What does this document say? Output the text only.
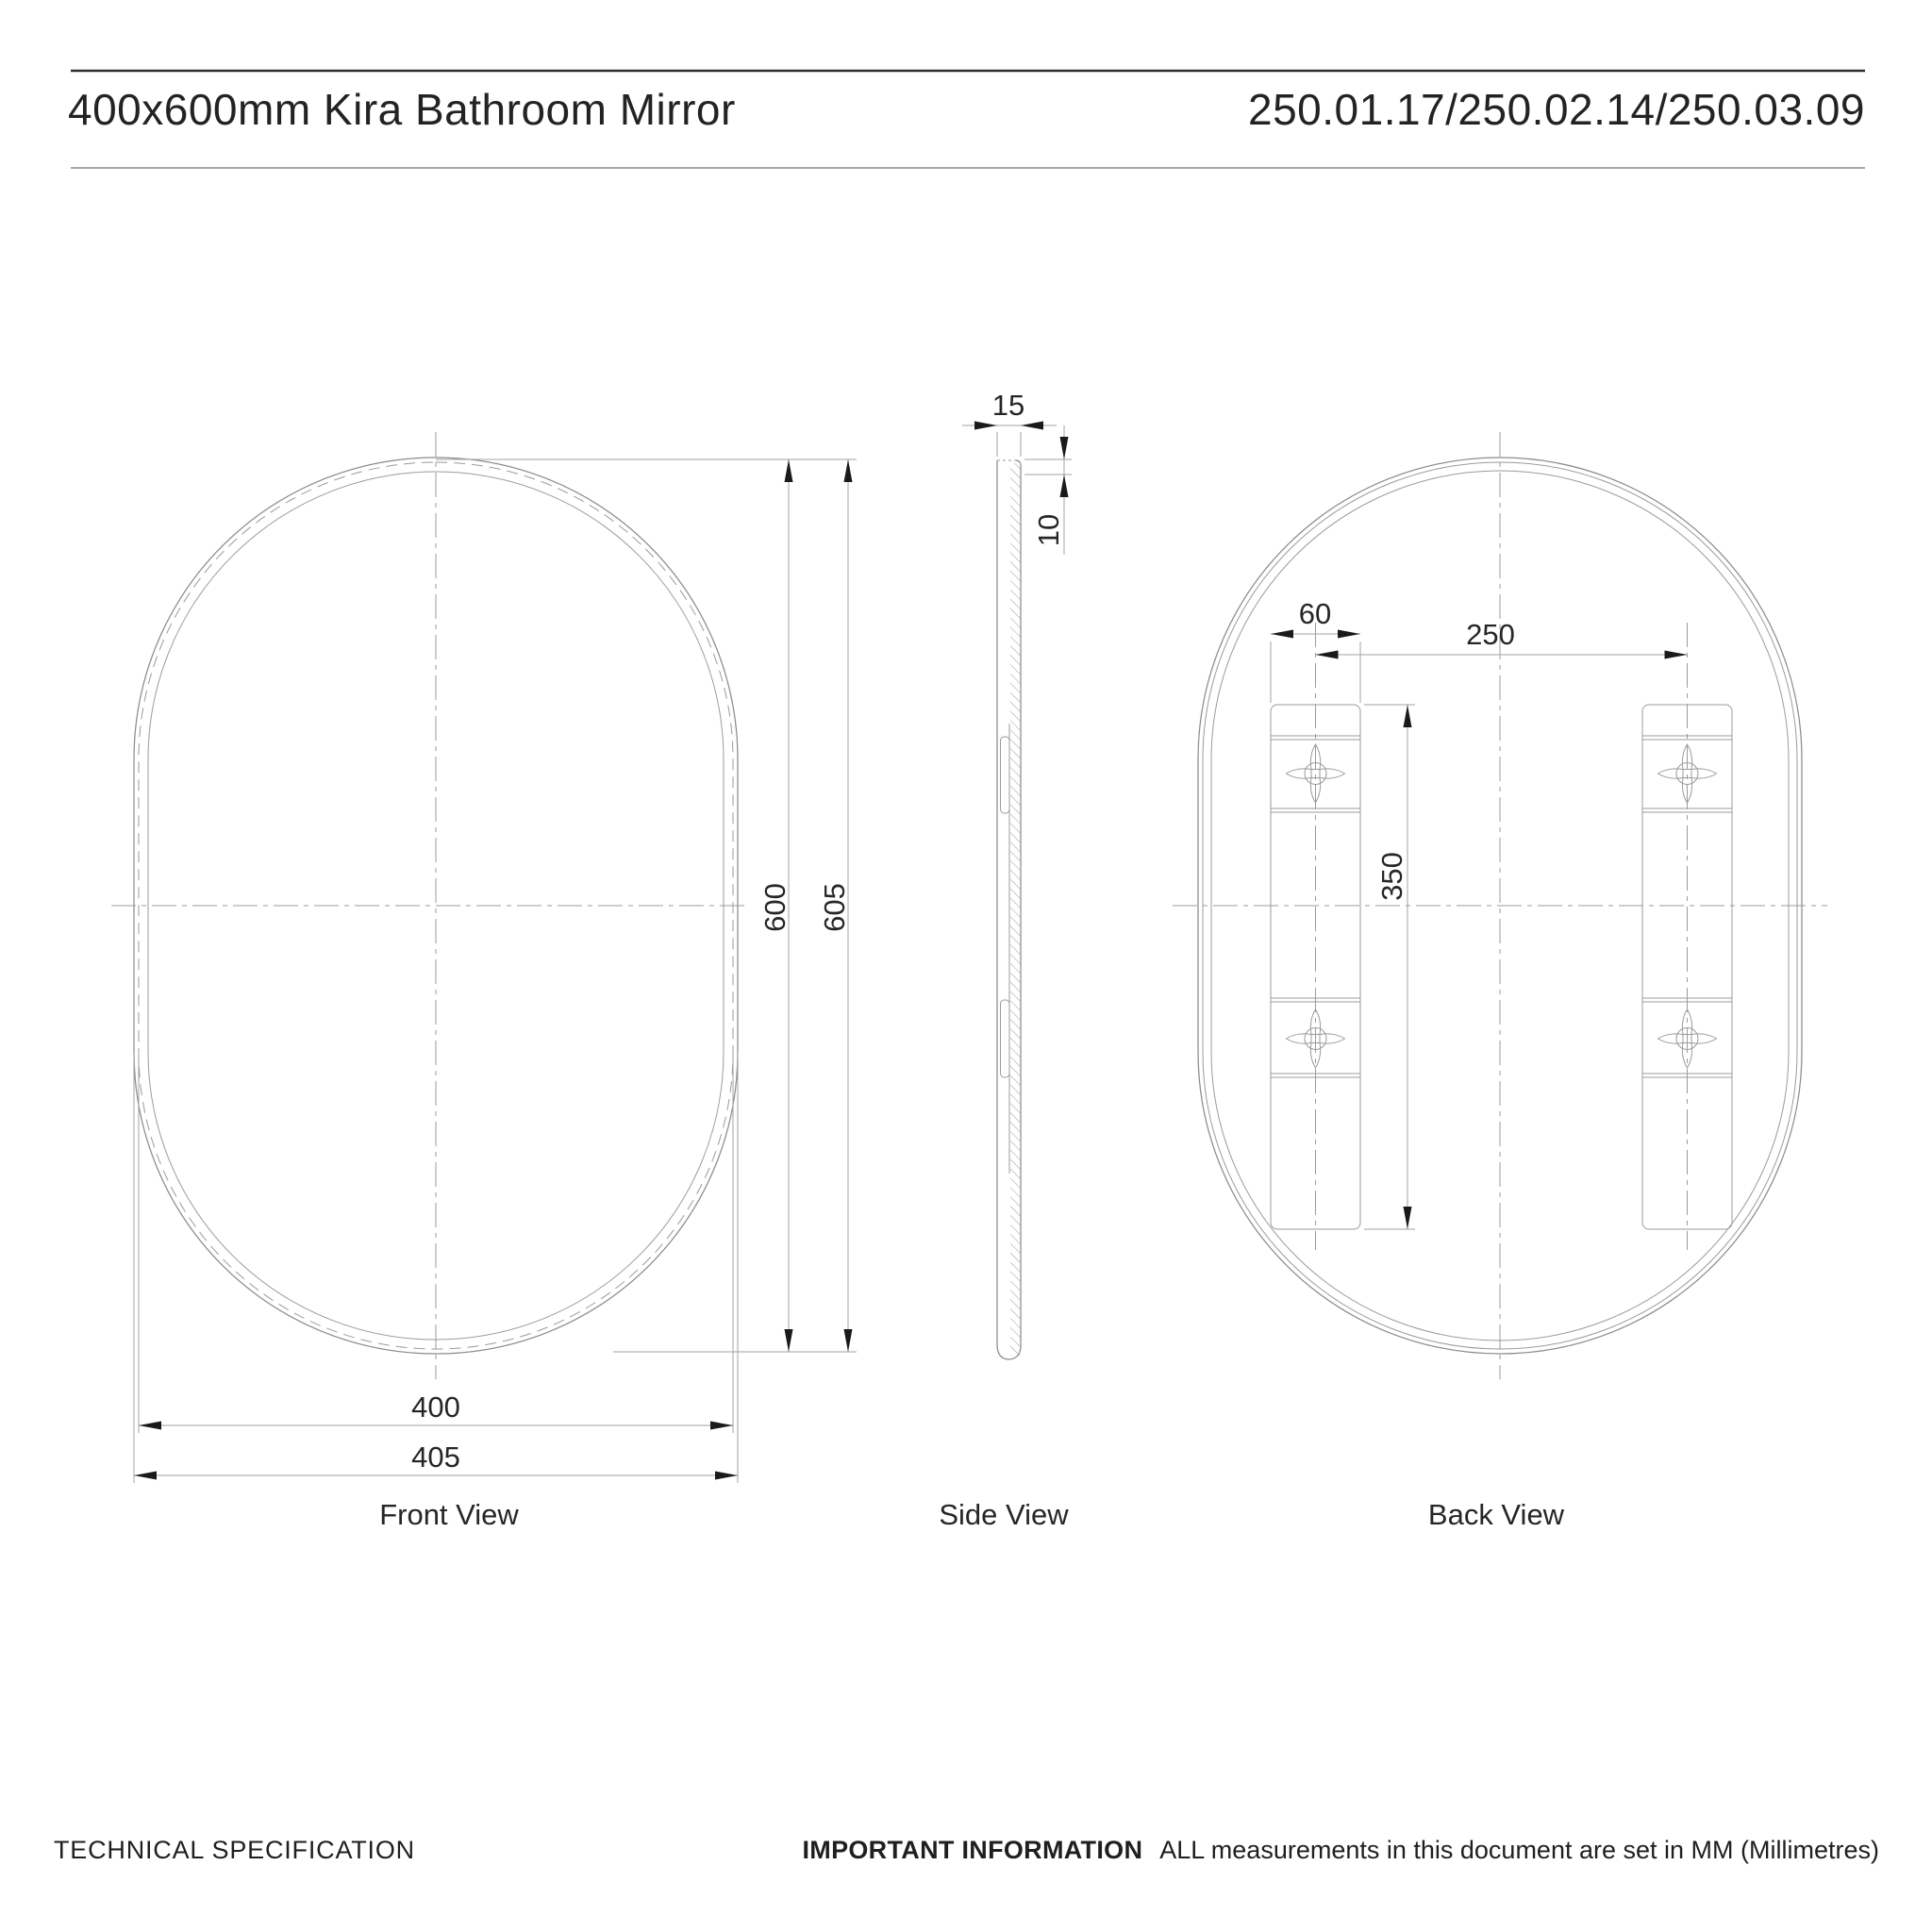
400x600mm Kira Bathroom Mirror	250.01.17/250.02.14/250.03.09
600 605
400
405
Front View
15
10
Side View
60
250
350
Back View
TECHNICAL SPECIFICATION	IMPORTANT INFORMATION ALL measurements in this document are set in MM (Millimetres)
